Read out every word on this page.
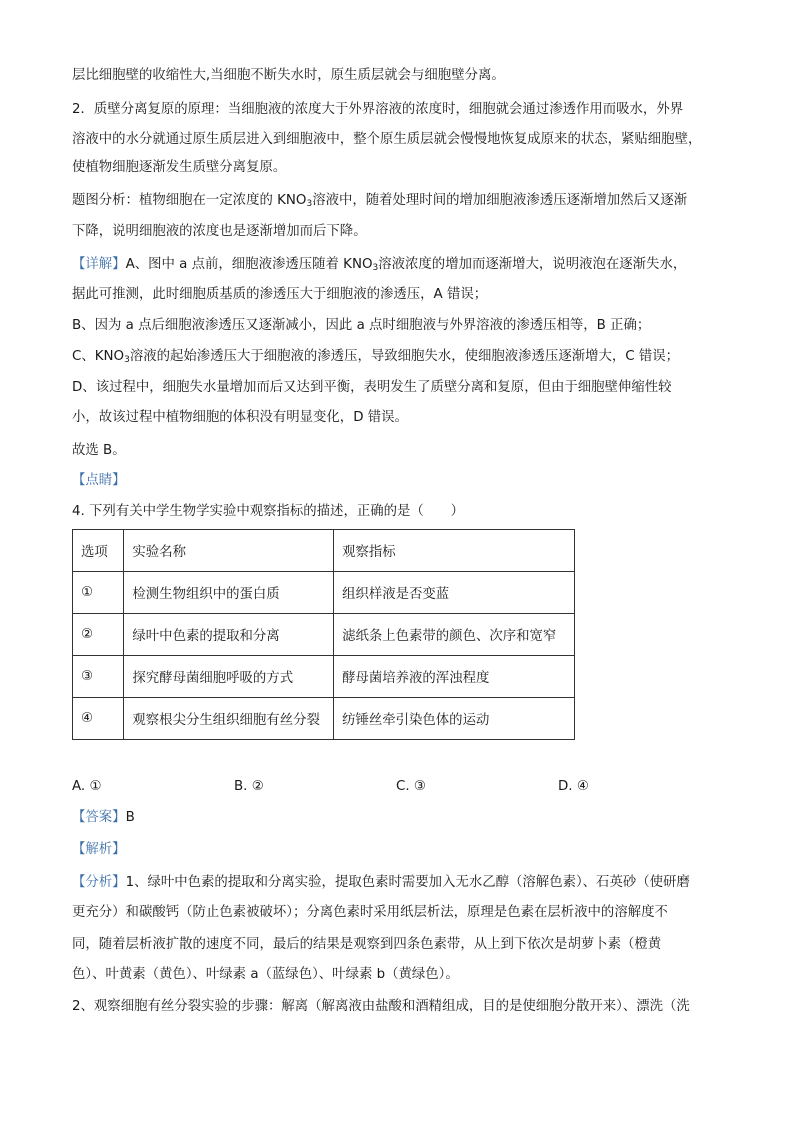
层比细胞壁的收缩性大,当细胞不断失水时，原生质层就会与细胞壁分离。
2．质壁分离复原的原理：当细胞液的浓度大于外界溶液的浓度时，细胞就会通过渗透作用而吸水，外界
溶液中的水分就通过原生质层进入到细胞液中，整个原生质层就会慢慢地恢复成原来的状态，紧贴细胞壁，
使植物细胞逐渐发生质壁分离复原。
题图分析：植物细胞在一定浓度的 $KNO_3$溶液中，随着处理时间的增加细胞液渗透压逐渐增加然后又逐渐
下降，说明细胞液的浓度也是逐渐增加而后下降。
【详解】A、图中 a 点前，细胞液渗透压随着 $KNO_3$溶液浓度的增加而逐渐增大，说明液泡在逐渐失水，
据此可推测，此时细胞质基质的渗透压大于细胞液的渗透压，A 错误；
B、因为 a 点后细胞液渗透压又逐渐减小，因此 a 点时细胞液与外界溶液的渗透压相等，B 正确；
C、$KNO_3$溶液的起始渗透压大于细胞液的渗透压，导致细胞失水，使细胞液渗透压逐渐增大，C 错误；
D、该过程中，细胞失水量增加而后又达到平衡，表明发生了质壁分离和复原，但由于细胞壁伸缩性较
小，故该过程中植物细胞的体积没有明显变化，D 错误。
故选 B。
【点睛】
4. 下列有关中学生物学实验中观察指标的描述，正确的是（　　）
选项	实验名称	观察指标
①	检测生物组织中的蛋白质	组织样液是否变蓝
②	绿叶中色素的提取和分离	滤纸条上色素带的颜色、次序和宽窄
③	探究酵母菌细胞呼吸的方式	酵母菌培养液的浑浊程度
④	观察根尖分生组织细胞有丝分裂	纺锤丝牵引染色体的运动
A. ①	B. ②	C. ③	D. ④
【答案】B
【解析】
【分析】1、绿叶中色素的提取和分离实验，提取色素时需要加入无水乙醇（溶解色素）、石英砂（使研磨
更充分）和碳酸钙（防止色素被破坏）；分离色素时采用纸层析法，原理是色素在层析液中的溶解度不
同，随着层析液扩散的速度不同，最后的结果是观察到四条色素带，从上到下依次是胡萝卜素（橙黄
色）、叶黄素（黄色）、叶绿素 a（蓝绿色）、叶绿素 b（黄绿色）。
2、观察细胞有丝分裂实验的步骤：解离（解离液由盐酸和酒精组成，目的是使细胞分散开来）、漂洗（洗
